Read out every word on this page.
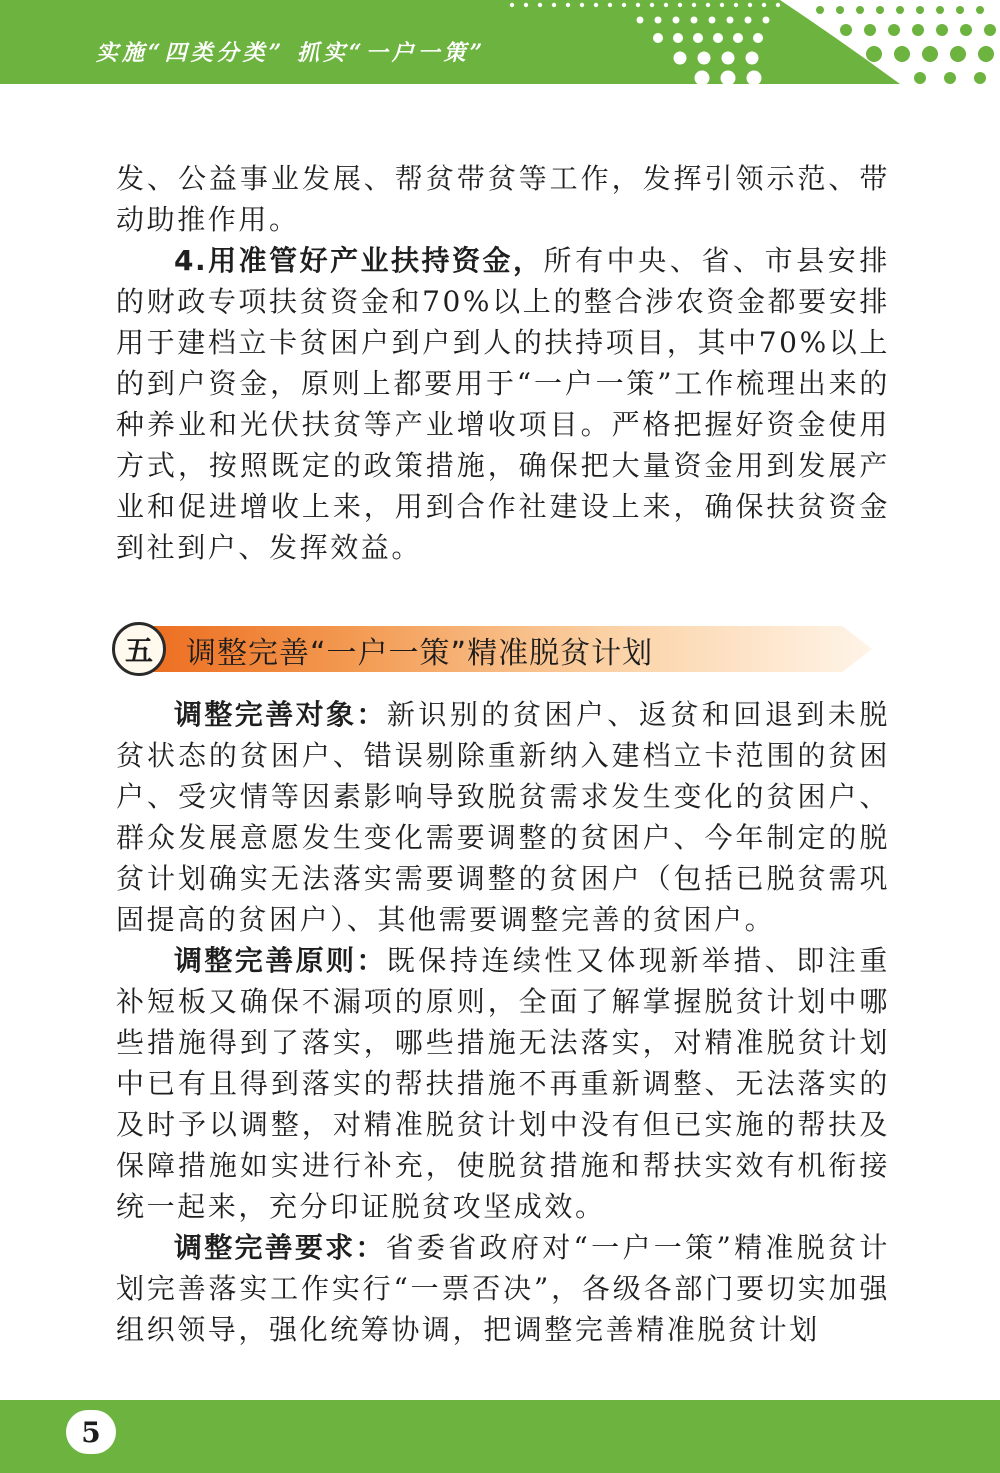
实施“四类分类” 抓实“一户一策”

发、公益事业发展、帮贫带贫等工作，发挥引领示范、带动助推作用。

4.用准管好产业扶持资金，所有中央、省、市县安排的财政专项扶贫资金和70%以上的整合涉农资金都要安排用于建档立卡贫困户到户到人的扶持项目，其中70%以上的到户资金，原则上都要用于“一户一策”工作梳理出来的种养业和光伏扶贫等产业增收项目。严格把握好资金使用方式，按照既定的政策措施，确保把大量资金用到发展产业和促进增收上来，用到合作社建设上来，确保扶贫资金到社到户、发挥效益。

五	调整完善“一户一策”精准脱贫计划

调整完善对象：新识别的贫困户、返贫和回退到未脱贫状态的贫困户、错误剔除重新纳入建档立卡范围的贫困户、受灾情等因素影响导致脱贫需求发生变化的贫困户、群众发展意愿发生变化需要调整的贫困户、今年制定的脱贫计划确实无法落实需要调整的贫困户（包括已脱贫需巩固提高的贫困户）、其他需要调整完善的贫困户。

调整完善原则：既保持连续性又体现新举措、即注重补短板又确保不漏项的原则，全面了解掌握脱贫计划中哪些措施得到了落实，哪些措施无法落实，对精准脱贫计划中已有且得到落实的帮扶措施不再重新调整、无法落实的及时予以调整，对精准脱贫计划中没有但已实施的帮扶及保障措施如实进行补充，使脱贫措施和帮扶实效有机衔接统一起来，充分印证脱贫攻坚成效。

调整完善要求：省委省政府对“一户一策”精准脱贫计划完善落实工作实行“一票否决”，各级各部门要切实加强组织领导，强化统筹协调，把调整完善精准脱贫计划

5
